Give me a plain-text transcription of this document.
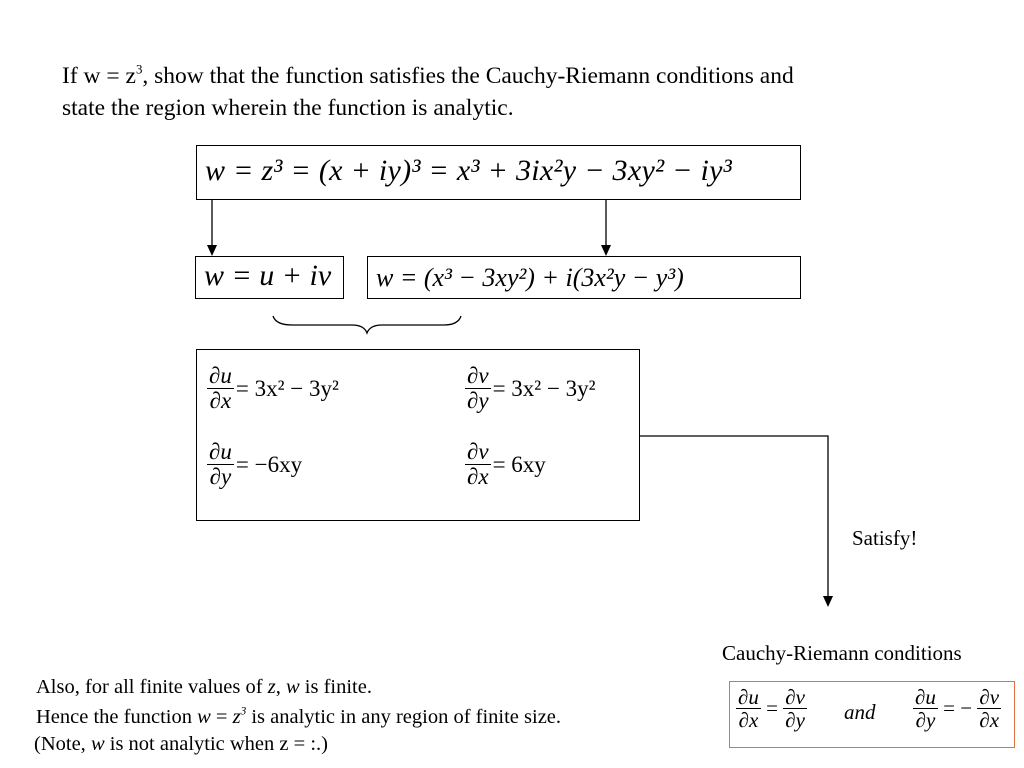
If $w = z^3$, show that the function satisfies the Cauchy-Riemann conditions and
state the region wherein the function is analytic.
w = z³ = (x + iy)³ = x³ + 3ix²y − 3xy² − iy³
w = u + iv w = (x³ − 3xy²) + i(3x²y − y³)
$\frac{\partial u}{\partial x} = 3x^2 - 3y^2$	$\frac{\partial v}{\partial y} = 3x^2 - 3y^2$
$\frac{\partial u}{\partial y} = -6xy$	$\frac{\partial v}{\partial x} = 6xy$
Satisfy!
Cauchy-Riemann conditions
$\frac{\partial u}{\partial x} = \frac{\partial v}{\partial y}$ and $\frac{\partial u}{\partial y}$ = − $\frac{\partial v}{\partial x}$
Also, for all finite values of z, w is finite.
Hence the function $w = z^3$ is analytic in any region of finite size.
(Note, w is not analytic when z = :.)
